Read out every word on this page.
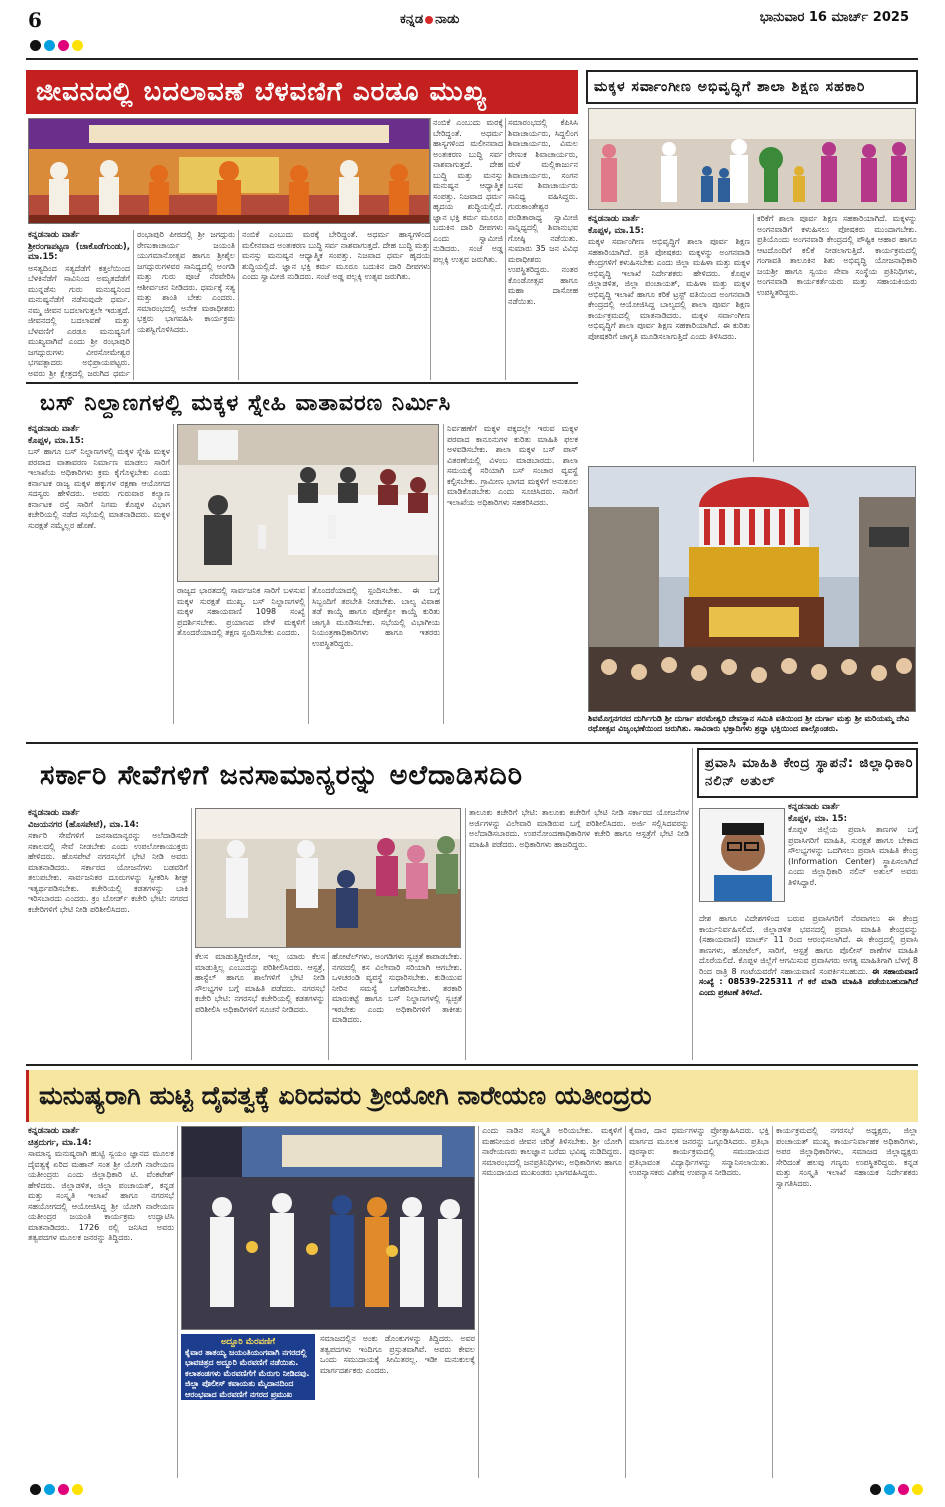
6	ಕನ್ನಡ ನಾಡು	ಭಾನುವಾರ 16 ಮಾರ್ಚ್ 2025
ಜೀವನದಲ್ಲಿ ಬದಲಾವಣೆ ಬೆಳವಣಿಗೆ ಎರಡೂ ಮುಖ್ಯ
ಕನ್ನಡನಾಡು ವಾರ್ತೆ
ಶ್ರೀರಂಗಾಪಟ್ಟಣ (ಚಾಕೊಡೆಗುಂಡು), ಮಾ.15:
ಅಸತ್ಯದಿಂದ ಸತ್ಯದೆಡೆಗೆ ಕತ್ತಲೆಯಿಂದ ಬೆಳಕಿನೆಡೆಗೆ ಸಾವಿನಿಂದ ಅಮೃತದೆಡೆಗೆ ಮುನ್ನಡೆಸು ಗುರು ಮನುಷ್ಯನಿಂದ ಮನುಷ್ಯನೆಡೆಗೆ ನಡೆಸುವುದೇ ಧರ್ಮ. ನಮ್ಮ ಜೀವನ ಬದಲಾಗುತ್ತಲೇ ಇರುತ್ತದೆ. ಜೀವನದಲ್ಲಿ ಬದಲಾವಣೆ ಮತ್ತು ಬೆಳವಣಿಗೆ ಎರಡೂ ಮನುಷ್ಯನಿಗೆ ಮುಖ್ಯವಾಗಿವೆ ಎಂದು ಶ್ರೀ ರಂಭಾಪುರಿ ಜಗದ್ಗುರುಗಳು ವೀರಸೋಮೇಶ್ವರ ಭಗವತ್ಪಾದರು ಅಭಿಪ್ರಾಯಪಟ್ಟರು. ಅವರು ಶ್ರೀ ಕ್ಷೇತ್ರದಲ್ಲಿ ಜರುಗಿದ ಧರ್ಮ
ರಂಭಾಪುರಿ ಪೀಠದಲ್ಲಿ ಶ್ರೀ ಜಗದ್ಗುರು ರೇಣುಕಾಚಾರ್ಯ ಜಯಂತಿ ಯುಗಮಾನೋತ್ಸವ ಹಾಗೂ ಶ್ರೀಶೈಲ ಜಗದ್ಗುರುಗಳವರ ಸಾನಿಧ್ಯದಲ್ಲಿ ಅಂಗಡಿ ಮತ್ತು ಗುರು ಪೂಜೆ ನೆರವೇರಿಸಿ ಆಶೀರ್ವಚನ ನೀಡಿದರು. ಧರ್ಮಕ್ಕೆ ಸತ್ಯ ಮತ್ತು ಶಾಂತಿ ಬೇಕು ಎಂದರು. ಸಮಾರಂಭದಲ್ಲಿ ಅನೇಕ ಮಠಾಧೀಶರು ಭಕ್ತರು ಭಾಗವಹಿಸಿ ಕಾರ್ಯಕ್ರಮ ಯಶಸ್ವಿಗೊಳಿಸಿದರು.
ನಂಬಿಕೆ ಎಂಬುದು ಮರಕ್ಕೆ ಬೇರಿದ್ದಂತೆ. ಅಧರ್ಮ ಹಾಸ್ಯಗಳಿಂದ ಮಲೀನವಾದ ಅಂತಃಕರಣ ಬುದ್ಧಿ ಸರ್ವ ನಾಶವಾಗುತ್ತದೆ. ದೇಹ ಬುದ್ಧಿ ಮತ್ತು ಮನಸ್ಸು ಮನುಷ್ಯನ ಆಧ್ಯಾತ್ಮಿಕ ಸಂಪತ್ತು. ನಿಜವಾದ ಧರ್ಮ ಹೃದಯ ಶುದ್ಧಿಯಲ್ಲಿದೆ. ಜ್ಞಾನ ಭಕ್ತಿ ಕರ್ಮ ಮೂರೂ ಬದುಕಿನ ದಾರಿ ದೀಪಗಳು ಎಂದು ಸ್ವಾಮೀಜಿ ನುಡಿದರು. ಸಂಜೆ ಅಡ್ಡ ಪಲ್ಲಕ್ಕಿ ಉತ್ಸವ ಜರುಗಿತು.
ಸಮಾರಂಭದಲ್ಲಿ ಕೆಪಿಸಿಸಿ ಶಿವಾಚಾರ್ಯರು, ಸಿದ್ದಲಿಂಗ ಶಿವಾಚಾರ್ಯರು, ವಿಮಲ ರೇಣುಕ ಶಿವಾಚಾರ್ಯರು, ಮಳೆ ಮಲ್ಲಿಕಾರ್ಜುನ ಶಿವಾಚಾರ್ಯರು, ಸಂಗನ ಬಸವ ಶಿವಾಚಾರ್ಯರು ಸಾನಿಧ್ಯ ವಹಿಸಿದ್ದರು. ಗುರುಕಾಂತೇಶ್ವರ ಪಂಡಿತಾರಾಧ್ಯ ಸ್ವಾಮೀಜಿ ಸಾನ್ನಿಧ್ಯದಲ್ಲಿ ಶಿವಾನುಭವ ಗೋಷ್ಠಿ ನಡೆಯಿತು. ಸುಮಾರು 35 ಜನ ವಿವಿಧ ಮಠಾಧೀಶರು ಉಪಸ್ಥಿತರಿದ್ದರು. ನಂತರ ಕೊಂಡೋತ್ಸವ ಹಾಗೂ ಮಹಾ ದಾಸೋಹ ನಡೆಯಿತು.
ನಂಬಿಕೆ ಎಂಬುದು ಮರಕ್ಕೆ ಬೇರಿದ್ದಂತೆ. ಅಧರ್ಮ ಹಾಸ್ಯಗಳಿಂದ ಮಲೀನವಾದ ಅಂತಃಕರಣ ಬುದ್ಧಿ ಸರ್ವ ನಾಶವಾಗುತ್ತದೆ. ದೇಹ ಬುದ್ಧಿ ಮತ್ತು ಮನಸ್ಸು ಮನುಷ್ಯನ ಆಧ್ಯಾತ್ಮಿಕ ಸಂಪತ್ತು. ನಿಜವಾದ ಧರ್ಮ ಹೃದಯ ಶುದ್ಧಿಯಲ್ಲಿದೆ. ಜ್ಞಾನ ಭಕ್ತಿ ಕರ್ಮ ಮೂರೂ ಬದುಕಿನ ದಾರಿ ದೀಪಗಳು ಎಂದು ಸ್ವಾಮೀಜಿ ನುಡಿದರು. ಸಂಜೆ ಅಡ್ಡ ಪಲ್ಲಕ್ಕಿ ಉತ್ಸವ ಜರುಗಿತು.
ಬಸ್ ನಿಲ್ದಾಣಗಳಲ್ಲಿ ಮಕ್ಕಳ ಸ್ನೇಹಿ ವಾತಾವರಣ ನಿರ್ಮಿಸಿ
ಕನ್ನಡನಾಡು ವಾರ್ತೆ
ಕೊಪ್ಪಳ, ಮಾ.15:
ಬಸ್ ಹಾಗೂ ಬಸ್ ನಿಲ್ದಾಣಗಳಲ್ಲಿ ಮಕ್ಕಳ ಸ್ನೇಹಿ ಮಕ್ಕಳ ಪರವಾದ ವಾತಾವರಣ ನಿರ್ಮಾಣ ಮಾಡಲು ಸಾರಿಗೆ ಇಲಾಖೆಯ ಅಧಿಕಾರಿಗಳು ಕ್ರಮ ಕೈಗೊಳ್ಳಬೇಕು ಎಂದು ಕರ್ನಾಟಕ ರಾಜ್ಯ ಮಕ್ಕಳ ಹಕ್ಕುಗಳ ರಕ್ಷಣಾ ಆಯೋಗದ ಸದಸ್ಯರು ಹೇಳಿದರು. ಅವರು ಗುರುವಾರ ಕಲ್ಯಾಣ ಕರ್ನಾಟಕ ರಸ್ತೆ ಸಾರಿಗೆ ನಿಗಮ ಕೊಪ್ಪಳ ವಿಭಾಗ ಕಚೇರಿಯಲ್ಲಿ ನಡೆದ ಸಭೆಯಲ್ಲಿ ಮಾತನಾಡಿದರು. ಮಕ್ಕಳ ಸುರಕ್ಷತೆ ನಮ್ಮೆಲ್ಲರ ಹೊಣೆ.
ರಾಜ್ಯದ ಭಾರತದಲ್ಲಿ ಸಾರ್ವಜನಿಕ ಸಾರಿಗೆ ಬಳಸುವ ಮಕ್ಕಳ ಸುರಕ್ಷತೆ ಮುಖ್ಯ. ಬಸ್ ನಿಲ್ದಾಣಗಳಲ್ಲಿ ಮಕ್ಕಳ ಸಹಾಯವಾಣಿ 1098 ಸಂಖ್ಯೆ ಪ್ರದರ್ಶಿಸಬೇಕು. ಪ್ರಯಾಣದ ವೇಳೆ ಮಕ್ಕಳಿಗೆ ತೊಂದರೆಯಾದಲ್ಲಿ ತಕ್ಷಣ ಸ್ಪಂದಿಸಬೇಕು ಎಂದರು.
ತೊಂದರೆಯಾದಲ್ಲಿ ಸ್ಪಂದಿಸಬೇಕು. ಈ ಬಗ್ಗೆ ಸಿಬ್ಬಂದಿಗೆ ತರಬೇತಿ ನೀಡಬೇಕು. ಬಾಲ್ಯ ವಿವಾಹ ತಡೆ ಕಾಯ್ದೆ ಹಾಗೂ ಪೋಕ್ಸೋ ಕಾಯ್ದೆ ಕುರಿತು ಜಾಗೃತಿ ಮೂಡಿಸಬೇಕು. ಸಭೆಯಲ್ಲಿ ವಿಭಾಗೀಯ ನಿಯಂತ್ರಣಾಧಿಕಾರಿಗಳು ಹಾಗೂ ಇತರರು ಉಪಸ್ಥಿತರಿದ್ದರು.
ನಿರ್ವಹಣೆಗೆ ಮಕ್ಕಳ ಪಕ್ಕದಲ್ಲೇ ಇರುವ ಮಕ್ಕಳ ಪರವಾದ ಕಾನೂನುಗಳ ಕುರಿತು ಮಾಹಿತಿ ಫಲಕ ಅಳವಡಿಸಬೇಕು. ಶಾಲಾ ಮಕ್ಕಳ ಬಸ್ ಪಾಸ್ ವಿತರಣೆಯಲ್ಲಿ ವಿಳಂಬ ಮಾಡಬಾರದು. ಶಾಲಾ ಸಮಯಕ್ಕೆ ಸರಿಯಾಗಿ ಬಸ್ ಸಂಚಾರ ವ್ಯವಸ್ಥೆ ಕಲ್ಪಿಸಬೇಕು. ಗ್ರಾಮೀಣ ಭಾಗದ ಮಕ್ಕಳಿಗೆ ಅನುಕೂಲ ಮಾಡಿಕೊಡಬೇಕು ಎಂದು ಸೂಚಿಸಿದರು. ಸಾರಿಗೆ ಇಲಾಖೆಯ ಅಧಿಕಾರಿಗಳು ಸಹಕರಿಸಿದರು.
ಮಕ್ಕಳ ಸರ್ವಾಂಗೀಣ ಅಭಿವೃದ್ಧಿಗೆ ಶಾಲಾ ಶಿಕ್ಷಣ ಸಹಕಾರಿ
ಕನ್ನಡನಾಡು ವಾರ್ತೆ
ಕೊಪ್ಪಳ, ಮಾ.15:
ಮಕ್ಕಳ ಸರ್ವಾಂಗೀಣ ಅಭಿವೃದ್ಧಿಗೆ ಶಾಲಾ ಪೂರ್ವ ಶಿಕ್ಷಣ ಸಹಕಾರಿಯಾಗಿದೆ. ಪ್ರತಿ ಪೋಷಕರು ಮಕ್ಕಳನ್ನು ಅಂಗನವಾಡಿ ಕೇಂದ್ರಗಳಿಗೆ ಕಳುಹಿಸಬೇಕು ಎಂದು ಜಿಲ್ಲಾ ಮಹಿಳಾ ಮತ್ತು ಮಕ್ಕಳ ಅಭಿವೃದ್ಧಿ ಇಲಾಖೆ ನಿರ್ದೇಶಕರು ಹೇಳಿದರು. ಕೊಪ್ಪಳ ಜಿಲ್ಲಾಡಳಿತ, ಜಿಲ್ಲಾ ಪಂಚಾಯತ್, ಮಹಿಳಾ ಮತ್ತು ಮಕ್ಕಳ ಅಭಿವೃದ್ಧಿ ಇಲಾಖೆ ಹಾಗೂ ಕರಿಕೆ ಟ್ರಸ್ಟ್ ವತಿಯಿಂದ ಅಂಗನವಾಡಿ ಕೇಂದ್ರದಲ್ಲಿ ಆಯೋಜಿಸಿದ್ದ ಬಾಲ್ಯದಲ್ಲಿ ಶಾಲಾ ಪೂರ್ವ ಶಿಕ್ಷಣ ಕಾರ್ಯಕ್ರಮದಲ್ಲಿ ಮಾತನಾಡಿದರು. ಮಕ್ಕಳ ಸರ್ವಾಂಗೀಣ ಅಭಿವೃದ್ಧಿಗೆ ಶಾಲಾ ಪೂರ್ವ ಶಿಕ್ಷಣ ಸಹಕಾರಿಯಾಗಿದೆ. ಈ ಕುರಿತು ಪೋಷಕರಿಗೆ ಜಾಗೃತಿ ಮೂಡಿಸಲಾಗುತ್ತಿದೆ ಎಂದು ತಿಳಿಸಿದರು.
ಕರಿಕೆಗೆ ಶಾಲಾ ಪೂರ್ವ ಶಿಕ್ಷಣ ಸಹಕಾರಿಯಾಗಿದೆ. ಮಕ್ಕಳನ್ನು ಅಂಗನವಾಡಿಗೆ ಕಳುಹಿಸಲು ಪೋಷಕರು ಮುಂದಾಗಬೇಕು. ಪ್ರತಿಯೊಂದು ಅಂಗನವಾಡಿ ಕೇಂದ್ರದಲ್ಲಿ ಪೌಷ್ಟಿಕ ಆಹಾರ ಹಾಗೂ ಆಟದೊಂದಿಗೆ ಕಲಿಕೆ ನೀಡಲಾಗುತ್ತಿದೆ. ಕಾರ್ಯಕ್ರಮದಲ್ಲಿ ಗಂಗಾವತಿ ತಾಲೂಕಿನ ಶಿಶು ಅಭಿವೃದ್ಧಿ ಯೋಜನಾಧಿಕಾರಿ ಜಯಶ್ರೀ ಹಾಗೂ ಸ್ವಯಂ ಸೇವಾ ಸಂಸ್ಥೆಯ ಪ್ರತಿನಿಧಿಗಳು, ಅಂಗನವಾಡಿ ಕಾರ್ಯಕರ್ತೆಯರು ಮತ್ತು ಸಹಾಯಕಿಯರು ಉಪಸ್ಥಿತರಿದ್ದರು.
ಶಿವಮೊಗ್ಗನಗರದ ದುರ್ಗಿಗುಡಿ ಶ್ರೀ ದುರ್ಗಾ ಪರಮೇಶ್ವರಿ ದೇವಸ್ಥಾನ ಸಮಿತಿ ವತಿಯಿಂದ ಶ್ರೀ ದುರ್ಗಾ ಮತ್ತು ಶ್ರೀ ಮರಿಯಮ್ಮ ದೇವಿ ರಥೋತ್ಸವ ವಿಜೃಂಭಣೆಯಿಂದ ಜರುಗಿತು. ಸಾವಿರಾರು ಭಕ್ತಾದಿಗಳು ಶ್ರದ್ಧಾ ಭಕ್ತಿಯಿಂದ ಪಾಲ್ಗೊಂಡರು.
ಸರ್ಕಾರಿ ಸೇವೆಗಳಿಗೆ ಜನಸಾಮಾನ್ಯರನ್ನು ಅಲೆದಾಡಿಸದಿರಿ
ಕನ್ನಡನಾಡು ವಾರ್ತೆ
ವಿಜಯನಗರ (ಹೊಸಪೇಟೆ), ಮಾ.14:
ಸರ್ಕಾರಿ ಸೇವೆಗಳಿಗೆ ಜನಸಾಮಾನ್ಯರನ್ನು ಅಲೆದಾಡಿಸದೇ ಸಕಾಲದಲ್ಲಿ ಸೇವೆ ನೀಡಬೇಕು ಎಂದು ಉಪಲೋಕಾಯುಕ್ತರು ಹೇಳಿದರು. ಹೊಸಪೇಟೆ ನಗರಸಭೆಗೆ ಭೇಟಿ ನೀಡಿ ಅವರು ಮಾತನಾಡಿದರು. ಸರ್ಕಾರದ ಯೋಜನೆಗಳು ಬಡವರಿಗೆ ತಲುಪಬೇಕು. ಸಾರ್ವಜನಿಕರ ದೂರುಗಳನ್ನು ಸ್ವೀಕರಿಸಿ ಶೀಘ್ರ ಇತ್ಯರ್ಥಪಡಿಸಬೇಕು. ಕಚೇರಿಯಲ್ಲಿ ಕಡತಗಳನ್ನು ಬಾಕಿ ಇರಿಸಬಾರದು ಎಂದರು. ಕ್ರಂ ಬೋರ್ಡ್ ಕಚೇರಿ ಭೇಟಿ: ನಗರದ ಕಚೇರಿಗಳಿಗೆ ಭೇಟಿ ನೀಡಿ ಪರಿಶೀಲಿಸಿದರು.
ಕೆಲಸ ಮಾಡುತ್ತಿದ್ದೀರೋ, ಇಲ್ಲ ಯಾರು ಕೆಲಸ ಮಾಡುತ್ತಿಲ್ಲ ಎಂಬುದನ್ನು ಪರಿಶೀಲಿಸಿದರು. ಆಸ್ಪತ್ರೆ, ಹಾಸ್ಟೆಲ್ ಹಾಗೂ ಶಾಲೆಗಳಿಗೆ ಭೇಟಿ ನೀಡಿ ಸೌಲಭ್ಯಗಳ ಬಗ್ಗೆ ಮಾಹಿತಿ ಪಡೆದರು. ನಗರಸಭೆ ಕಚೇರಿ ಭೇಟಿ: ನಗರಸಭೆ ಕಚೇರಿಯಲ್ಲಿ ಕಡತಗಳನ್ನು ಪರಿಶೀಲಿಸಿ ಅಧಿಕಾರಿಗಳಿಗೆ ಸೂಚನೆ ನೀಡಿದರು.
ಹೋಟೆಲ್‌ಗಳು, ಅಂಗಡಿಗಳು ಸ್ವಚ್ಛತೆ ಕಾಪಾಡಬೇಕು. ನಗರದಲ್ಲಿ ಕಸ ವಿಲೇವಾರಿ ಸರಿಯಾಗಿ ಆಗಬೇಕು. ಒಳಚರಂಡಿ ವ್ಯವಸ್ಥೆ ಸುಧಾರಿಸಬೇಕು. ಕುಡಿಯುವ ನೀರಿನ ಸಮಸ್ಯೆ ಬಗೆಹರಿಸಬೇಕು. ತರಕಾರಿ ಮಾರುಕಟ್ಟೆ ಹಾಗೂ ಬಸ್ ನಿಲ್ದಾಣಗಳಲ್ಲಿ ಸ್ವಚ್ಛತೆ ಇರಬೇಕು ಎಂದು ಅಧಿಕಾರಿಗಳಿಗೆ ತಾಕೀತು ಮಾಡಿದರು.
ತಾಲೂಕು ಕಚೇರಿಗೆ ಭೇಟಿ: ತಾಲೂಕು ಕಚೇರಿಗೆ ಭೇಟಿ ನೀಡಿ ಸರ್ಕಾರದ ಯೋಜನೆಗಳ ಅರ್ಜಿಗಳನ್ನು ವಿಲೇವಾರಿ ಮಾಡಿರುವ ಬಗ್ಗೆ ಪರಿಶೀಲಿಸಿದರು. ಅರ್ಜಿ ಸಲ್ಲಿಸಿದವರನ್ನು ಅಲೆದಾಡಿಸಬಾರದು. ಉಪನೋಂದಣಾಧಿಕಾರಿಗಳ ಕಚೇರಿ ಹಾಗೂ ಆಸ್ಪತ್ರೆಗೆ ಭೇಟಿ ನೀಡಿ ಮಾಹಿತಿ ಪಡೆದರು. ಅಧಿಕಾರಿಗಳು ಹಾಜರಿದ್ದರು.
ಪ್ರವಾಸಿ ಮಾಹಿತಿ ಕೇಂದ್ರ ಸ್ಥಾಪನೆ: ಜಿಲ್ಲಾಧಿಕಾರಿ ನಲಿನ್ ಅತುಲ್
ಕನ್ನಡನಾಡು ವಾರ್ತೆ
ಕೊಪ್ಪಳ, ಮಾ. 15:
ಕೊಪ್ಪಳ ಜಿಲ್ಲೆಯ ಪ್ರವಾಸಿ ತಾಣಗಳ ಬಗ್ಗೆ ಪ್ರವಾಸಿಗರಿಗೆ ಮಾಹಿತಿ, ಸುರಕ್ಷತೆ ಹಾಗೂ ಬೇಕಾದ ಸೌಲಭ್ಯಗಳನ್ನು ಒದಗಿಸಲು ಪ್ರವಾಸಿ ಮಾಹಿತಿ ಕೇಂದ್ರ (Information Center) ಸ್ಥಾಪಿಸಲಾಗಿದೆ ಎಂದು ಜಿಲ್ಲಾಧಿಕಾರಿ ನಲಿನ್ ಅತುಲ್ ಅವರು ತಿಳಿಸಿದ್ದಾರೆ.
ದೇಶ ಹಾಗೂ ವಿದೇಶಗಳಿಂದ ಬರುವ ಪ್ರವಾಸಿಗರಿಗೆ ನೆರವಾಗಲು ಈ ಕೇಂದ್ರ ಕಾರ್ಯನಿರ್ವಹಿಸಲಿದೆ. ಜಿಲ್ಲಾಡಳಿತ ಭವನದಲ್ಲಿ ಪ್ರವಾಸಿ ಮಾಹಿತಿ ಕೇಂದ್ರವನ್ನು (ಸಹಾಯವಾಣಿ) ಮಾರ್ಚ್ 11 ರಿಂದ ಆರಂಭಿಸಲಾಗಿದೆ. ಈ ಕೇಂದ್ರದಲ್ಲಿ ಪ್ರವಾಸಿ ತಾಣಗಳು, ಹೋಟೆಲ್, ಸಾರಿಗೆ, ಆಸ್ಪತ್ರೆ ಹಾಗೂ ಪೊಲೀಸ್ ಠಾಣೆಗಳ ಮಾಹಿತಿ ದೊರೆಯಲಿದೆ. ಕೊಪ್ಪಳ ಜಿಲ್ಲೆಗೆ ಆಗಮಿಸುವ ಪ್ರವಾಸಿಗರು ಅಗತ್ಯ ಮಾಹಿತಿಗಾಗಿ ಬೆಳಗ್ಗೆ 8 ರಿಂದ ರಾತ್ರಿ 8 ಗಂಟೆಯವರೆಗೆ ಸಹಾಯವಾಣಿ ಸಂಪರ್ಕಿಸಬಹುದು. ಈ ಸಹಾಯವಾಣಿ ಸಂಖ್ಯೆ : 08539-225311 ಗೆ ಕರೆ ಮಾಡಿ ಮಾಹಿತಿ ಪಡೆಯಬಹುದಾಗಿದೆ ಎಂದು ಪ್ರಕಟಣೆ ತಿಳಿಸಿದೆ.
ಮನುಷ್ಯರಾಗಿ ಹುಟ್ಟಿ ದೈವತ್ವಕ್ಕೆ ಏರಿದವರು ಶ್ರೀಯೋಗಿ ನಾರೇಯಣ ಯತೀಂದ್ರರು
ಕನ್ನಡನಾಡು ವಾರ್ತೆ
ಚಿತ್ರದುರ್ಗ, ಮಾ.14:
ಸಾಮಾನ್ಯ ಮನುಷ್ಯರಾಗಿ ಹುಟ್ಟಿ ಸ್ವಯಂ ಜ್ಞಾನದ ಮೂಲಕ ದೈವತ್ವಕ್ಕೆ ಏರಿದ ಮಹಾನ್ ಸಂತ ಶ್ರೀ ಯೋಗಿ ನಾರೇಯಣ ಯತೀಂದ್ರರು ಎಂದು ಜಿಲ್ಲಾಧಿಕಾರಿ ಟಿ. ವೆಂಕಟೇಶ್ ಹೇಳಿದರು. ಜಿಲ್ಲಾಡಳಿತ, ಜಿಲ್ಲಾ ಪಂಚಾಯತ್, ಕನ್ನಡ ಮತ್ತು ಸಂಸ್ಕೃತಿ ಇಲಾಖೆ ಹಾಗೂ ನಗರಸಭೆ ಸಹಯೋಗದಲ್ಲಿ ಆಯೋಜಿಸಿದ್ದ ಶ್ರೀ ಯೋಗಿ ನಾರೇಯಣ ಯತೀಂದ್ರರ ಜಯಂತಿ ಕಾರ್ಯಕ್ರಮ ಉದ್ಘಾಟಿಸಿ ಮಾತನಾಡಿದರು. 1726 ರಲ್ಲಿ ಜನಿಸಿದ ಅವರು ತತ್ವಪದಗಳ ಮೂಲಕ ಜನರನ್ನು ತಿದ್ದಿದರು.
ಅದ್ದೂರಿ ಮೆರವಣಿಗೆ
ಕೈವಾರ ತಾತಯ್ಯ ಜಯಂತಿಯಂಗವಾಗಿ ನಗರದಲ್ಲಿ ಭಾವಚಿತ್ರದ ಅದ್ದೂರಿ ಮೆರವಣಿಗೆ ನಡೆಯಿತು. ಕಲಾತಂಡಗಳು ಮೆರವಣಿಗೆಗೆ ಮೆರುಗು ನೀಡಿದವು. ಜಿಲ್ಲಾ ಪೊಲೀಸ್ ಕವಾಯತು ಮೈದಾನದಿಂದ ಆರಂಭವಾದ ಮೆರವಣಿಗೆ ನಗರದ ಪ್ರಮುಖ
ಸಮಾಜದಲ್ಲಿನ ಅಂಕು ಡೊಂಕುಗಳನ್ನು ತಿದ್ದಿದರು. ಅವರ ತತ್ವಪದಗಳು ಇಂದಿಗೂ ಪ್ರಸ್ತುತವಾಗಿವೆ. ಅವರು ಕೇವಲ ಒಂದು ಸಮುದಾಯಕ್ಕೆ ಸೀಮಿತರಲ್ಲ. ಇಡೀ ಮನುಕುಲಕ್ಕೆ ಮಾರ್ಗದರ್ಶಕರು ಎಂದರು.
ಎಂದು ನಾಡಿನ ಸಂಸ್ಕೃತಿ ಅರಿಯಬೇಕು. ಮಕ್ಕಳಿಗೆ ಮಹನೀಯರ ಜೀವನ ಚರಿತ್ರೆ ತಿಳಿಸಬೇಕು. ಶ್ರೀ ಯೋಗಿ ನಾರೇಯಣರು ಕಾಲಜ್ಞಾನ ಬರೆದು ಭವಿಷ್ಯ ನುಡಿದಿದ್ದರು. ಸಮಾರಂಭದಲ್ಲಿ ಜನಪ್ರತಿನಿಧಿಗಳು, ಅಧಿಕಾರಿಗಳು ಹಾಗೂ ಸಮುದಾಯದ ಮುಖಂಡರು ಭಾಗವಹಿಸಿದ್ದರು.
ಕೈವಾರ, ದಾನ ಧರ್ಮಗಳನ್ನು ಪ್ರೋತ್ಸಾಹಿಸಿದರು. ಭಕ್ತಿ ಮಾರ್ಗದ ಮೂಲಕ ಜನರನ್ನು ಒಗ್ಗೂಡಿಸಿದರು. ಪ್ರತಿಭಾ ಪುರಸ್ಕಾರ: ಕಾರ್ಯಕ್ರಮದಲ್ಲಿ ಸಮುದಾಯದ ಪ್ರತಿಭಾವಂತ ವಿದ್ಯಾರ್ಥಿಗಳನ್ನು ಸನ್ಮಾನಿಸಲಾಯಿತು. ಉಪನ್ಯಾಸಕರು ವಿಶೇಷ ಉಪನ್ಯಾಸ ನೀಡಿದರು.
ಕಾರ್ಯಕ್ರಮದಲ್ಲಿ ನಗರಸಭೆ ಅಧ್ಯಕ್ಷರು, ಜಿಲ್ಲಾ ಪಂಚಾಯತ್ ಮುಖ್ಯ ಕಾರ್ಯನಿರ್ವಾಹಕ ಅಧಿಕಾರಿಗಳು, ಅಪರ ಜಿಲ್ಲಾಧಿಕಾರಿಗಳು, ಸಮಾಜದ ಜಿಲ್ಲಾಧ್ಯಕ್ಷರು ಸೇರಿದಂತೆ ಹಲವು ಗಣ್ಯರು ಉಪಸ್ಥಿತರಿದ್ದರು. ಕನ್ನಡ ಮತ್ತು ಸಂಸ್ಕೃತಿ ಇಲಾಖೆ ಸಹಾಯಕ ನಿರ್ದೇಶಕರು ಸ್ವಾಗತಿಸಿದರು.
